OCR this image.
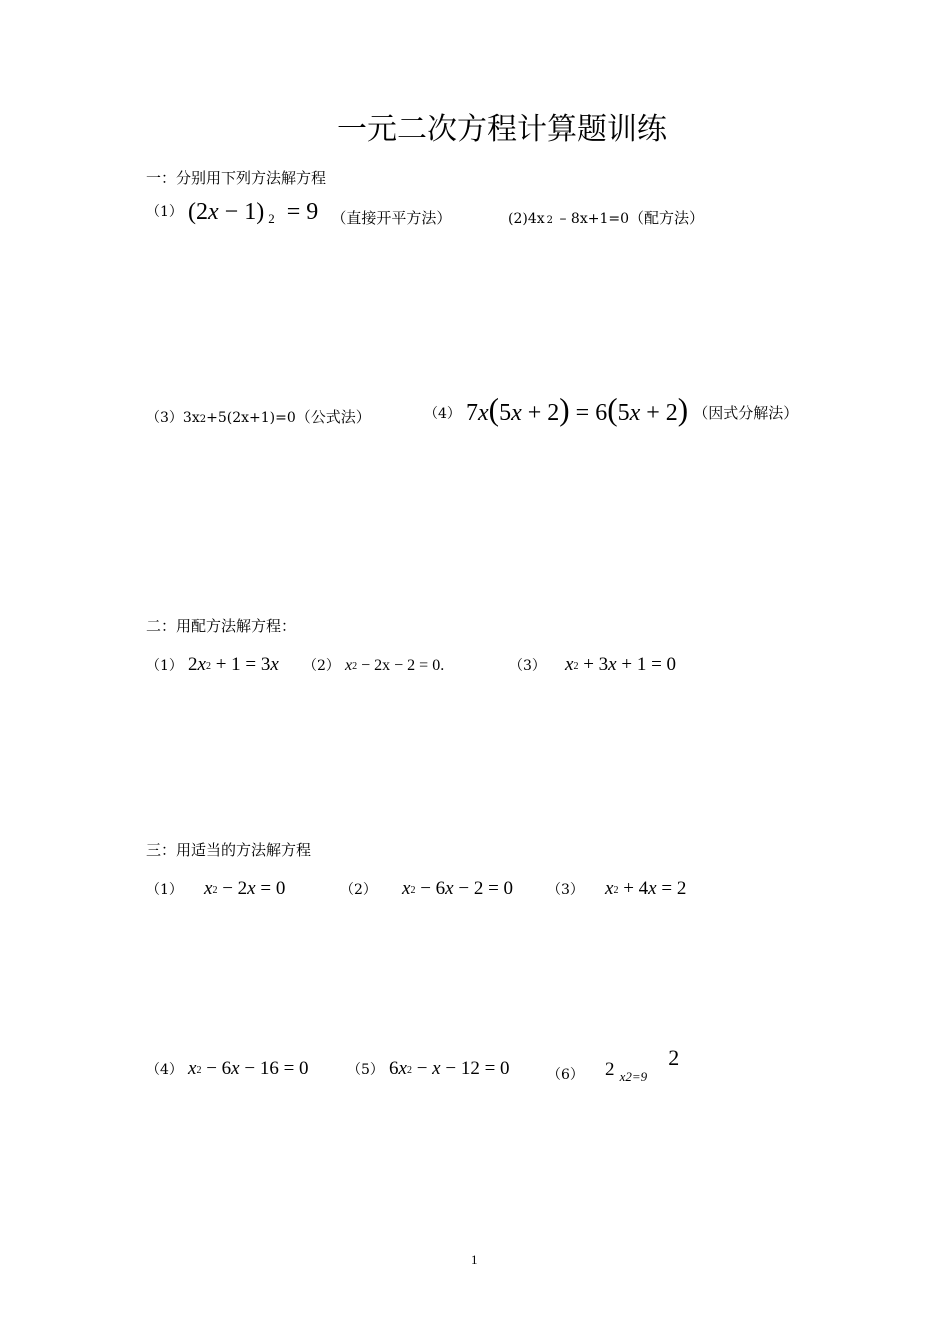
一元二次方程计算题训练
一：分别用下列方法解方程
（1） (2x − 1) 2 = 9 （直接开平方法）	(2)4x 2 – 8x+1=0（配方法）
（3）3x2+5(2x+1)=0（公式法）	（4） 7x(5x + 2) = 6(5x + 2) （因式分解法）
二：用配方法解方程：
（1） 2x2 + 1 = 3x （2） x2 − 2x − 2 = 0.	（3） x2 + 3x + 1 = 0
三：用适当的方法解方程
（1） x2 − 2x = 0	（2） x2 − 6x − 2 = 0 （3） x2 + 4x = 2
（4） x2 − 6x − 16 = 0	（5） 6x2 − x − 12 = 0	（6） 2 $_{x2=9}$ 2
1
